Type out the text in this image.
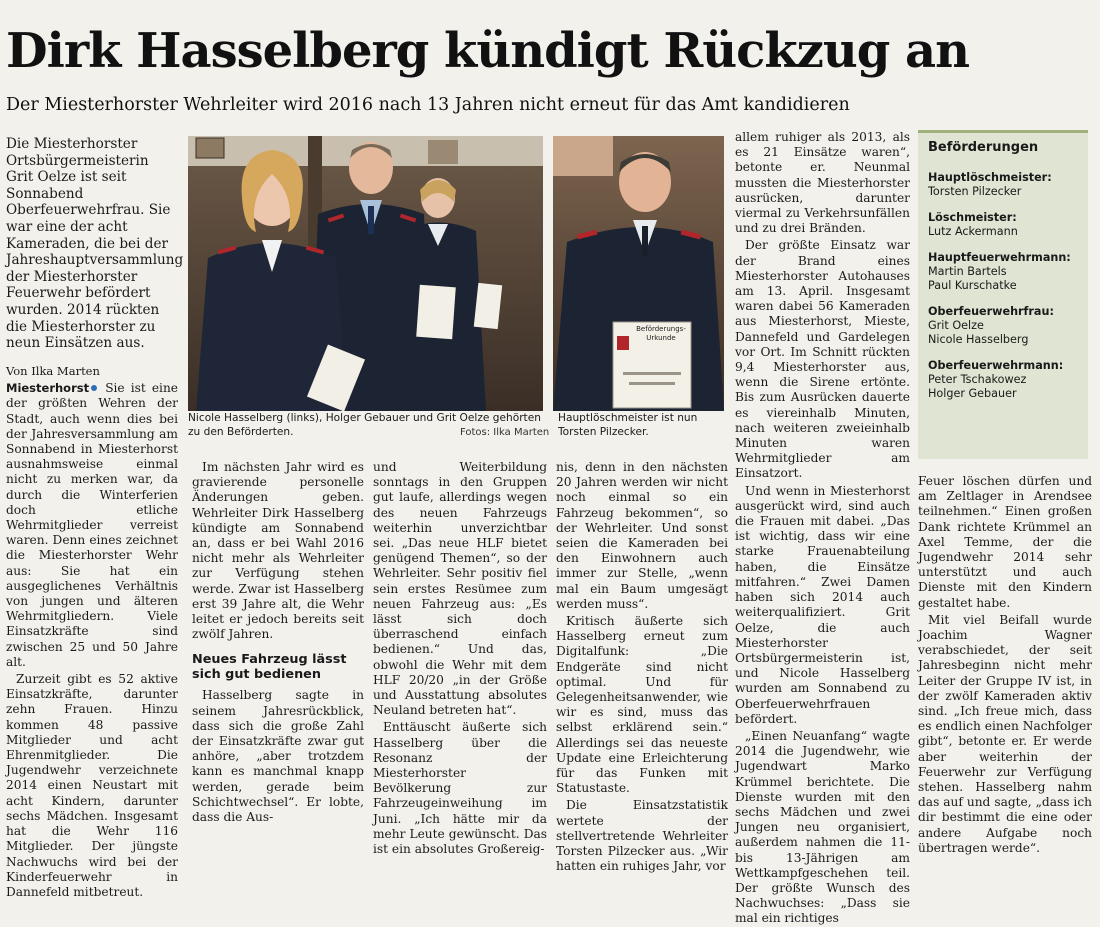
Dirk Hasselberg kündigt Rückzug an
Der Miesterhorster Wehrleiter wird 2016 nach 13 Jahren nicht erneut für das Amt kandidieren

Die Miesterhorster Ortsbürgermeisterin Grit Oelze ist seit Sonnabend Oberfeuerwehrfrau. Sie war eine der acht Kameraden, die bei der Jahreshauptversammlung der Miesterhorster Feuerwehr befördert wurden. 2014 rückten die Miesterhorster zu neun Einsätzen aus.

Von Ilka Marten

Miesterhorst Sie ist eine der größten Wehren der Stadt, auch wenn dies bei der Jahresversammlung am Sonnabend in Miesterhorst ausnahmsweise einmal nicht zu merken war, da durch die Winterferien doch etliche Wehrmitglieder verreist waren. Denn eines zeichnet die Miesterhorster Wehr aus: Sie hat ein ausgeglichenes Verhältnis von jungen und älteren Wehrmitgliedern. Viele Einsatzkräfte sind zwischen 25 und 50 Jahre alt.

Zurzeit gibt es 52 aktive Einsatzkräfte, darunter zehn Frauen. Hinzu kommen 48 passive Mitglieder und acht Ehrenmitglieder. Die Jugendwehr verzeichnete 2014 einen Neustart mit acht Kindern, darunter sechs Mädchen. Insgesamt hat die Wehr 116 Mitglieder. Der jüngste Nachwuchs wird bei der Kinderfeuerwehr in Dannefeld mitbetreut.

Nicole Hasselberg (links), Holger Gebauer und Grit Oelze gehörten zu den Beförderten.	Fotos: Ilka Marten
Beförderungs-Urkunde
Hauptlöschmeister ist nun Torsten Pilzecker.

Im nächsten Jahr wird es gravierende personelle Änderungen geben. Wehrleiter Dirk Hasselberg kündigte am Sonnabend an, dass er bei Wahl 2016 nicht mehr als Wehrleiter zur Verfügung stehen werde. Zwar ist Hasselberg erst 39 Jahre alt, die Wehr leitet er jedoch bereits seit zwölf Jahren.

Neues Fahrzeug lässt sich gut bedienen

Hasselberg sagte in seinem Jahresrückblick, dass sich die große Zahl der Einsatzkräfte zwar gut anhöre, „aber trotzdem kann es manchmal knapp werden, gerade beim Schichtwechsel“. Er lobte, dass die Aus-

und Weiterbildung sonntags in den Gruppen gut laufe, allerdings wegen des neuen Fahrzeugs weiterhin unverzichtbar sei. „Das neue HLF bietet genügend Themen“, so der Wehrleiter. Sehr positiv fiel sein erstes Resümee zum neuen Fahrzeug aus: „Es lässt sich doch überraschend einfach bedienen.“ Und das, obwohl die Wehr mit dem HLF 20/20 „in der Größe und Ausstattung absolutes Neuland betreten hat“.

Enttäuscht äußerte sich Hasselberg über die Resonanz der Miesterhorster Bevölkerung zur Fahrzeugeinweihung im Juni. „Ich hätte mir da mehr Leute gewünscht. Das ist ein absolutes Großereig-

nis, denn in den nächsten 20 Jahren werden wir nicht noch einmal so ein Fahrzeug bekommen“, so der Wehrleiter. Und sonst seien die Kameraden bei den Einwohnern auch immer zur Stelle, „wenn mal ein Baum umgesägt werden muss“.

Kritisch äußerte sich Hasselberg erneut zum Digitalfunk: „Die Endgeräte sind nicht optimal. Und für Gelegenheitsanwender, wie wir es sind, muss das selbst erklärend sein.“ Allerdings sei das neueste Update eine Erleichterung für das Funken mit Statustaste.

Die Einsatzstatistik wertete der stellvertretende Wehrleiter Torsten Pilzecker aus. „Wir hatten ein ruhiges Jahr, vor

allem ruhiger als 2013, als es 21 Einsätze waren“, betonte er. Neunmal mussten die Miesterhorster ausrücken, darunter viermal zu Verkehrsunfällen und zu drei Bränden.

Der größte Einsatz war der Brand eines Miesterhorster Autohauses am 13. April. Insgesamt waren dabei 56 Kameraden aus Miesterhorst, Mieste, Dannefeld und Gardelegen vor Ort. Im Schnitt rückten 9,4 Miesterhorster aus, wenn die Sirene ertönte. Bis zum Ausrücken dauerte es viereinhalb Minuten, nach weiteren zweieinhalb Minuten waren Wehrmitglieder am Einsatzort.

Und wenn in Miesterhorst ausgerückt wird, sind auch die Frauen mit dabei. „Das ist wichtig, dass wir eine starke Frauenabteilung haben, die Einsätze mitfahren.“ Zwei Damen haben sich 2014 auch weiterqualifiziert. Grit Oelze, die auch Miesterhorster Ortsbürgermeisterin ist, und Nicole Hasselberg wurden am Sonnabend zu Oberfeuerwehrfrauen befördert.

„Einen Neuanfang“ wagte 2014 die Jugendwehr, wie Jugendwart Marko Krümmel berichtete. Die Dienste wurden mit den sechs Mädchen und zwei Jungen neu organisiert, außerdem nahmen die 11- bis 13-Jährigen am Wettkampfgeschehen teil. Der größte Wunsch des Nachwuchses: „Dass sie mal ein richtiges

Beförderungen
Hauptlöschmeister:
Torsten Pilzecker
Löschmeister:
Lutz Ackermann
Hauptfeuerwehrmann:
Martin Bartels
Paul Kurschatke
Oberfeuerwehrfrau:
Grit Oelze
Nicole Hasselberg
Oberfeuerwehrmann:
Peter Tschakowez
Holger Gebauer

Feuer löschen dürfen und am Zeltlager in Arendsee teilnehmen.“ Einen großen Dank richtete Krümmel an Axel Temme, der die Jugendwehr 2014 sehr unterstützt und auch Dienste mit den Kindern gestaltet habe.

Mit viel Beifall wurde Joachim Wagner verabschiedet, der seit Jahresbeginn nicht mehr Leiter der Gruppe IV ist, in der zwölf Kameraden aktiv sind. „Ich freue mich, dass es endlich einen Nachfolger gibt“, betonte er. Er werde aber weiterhin der Feuerwehr zur Verfügung stehen. Hasselberg nahm das auf und sagte, „dass ich dir bestimmt die eine oder andere Aufgabe noch übertragen werde“.
